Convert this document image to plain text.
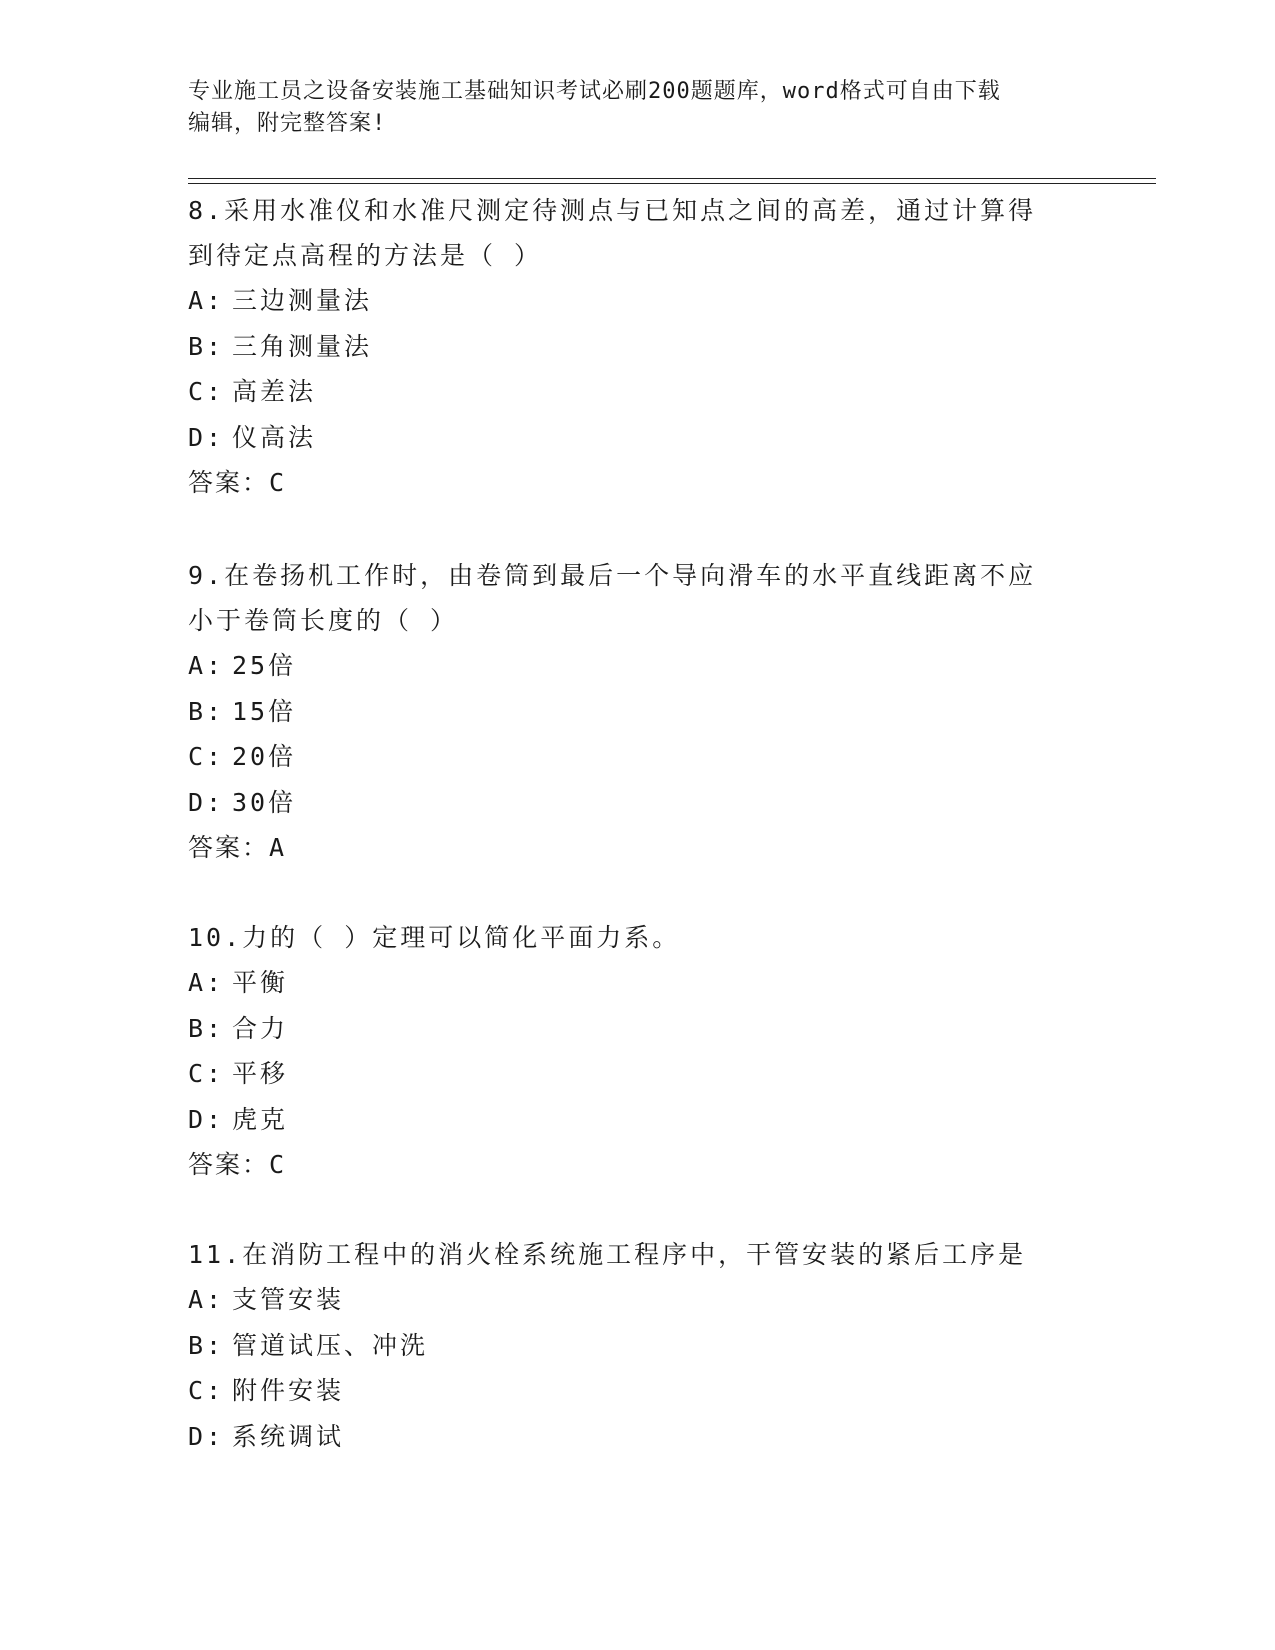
专业施工员之设备安装施工基础知识考试必刷200题题库，word格式可自由下载
编辑，附完整答案!
8.采用水准仪和水准尺测定待测点与已知点之间的高差，通过计算得
到待定点高程的方法是（ ）
A: 三边测量法
B: 三角测量法
C: 高差法
D: 仪高法
答案：C
9.在卷扬机工作时，由卷筒到最后一个导向滑车的水平直线距离不应
小于卷筒长度的（ ）
A: 25倍
B: 15倍
C: 20倍
D: 30倍
答案：A
10.力的（ ）定理可以简化平面力系。
A: 平衡
B: 合力
C: 平移
D: 虎克
答案：C
11.在消防工程中的消火栓系统施工程序中，干管安装的紧后工序是
A: 支管安装
B: 管道试压、冲洗
C: 附件安装
D: 系统调试
